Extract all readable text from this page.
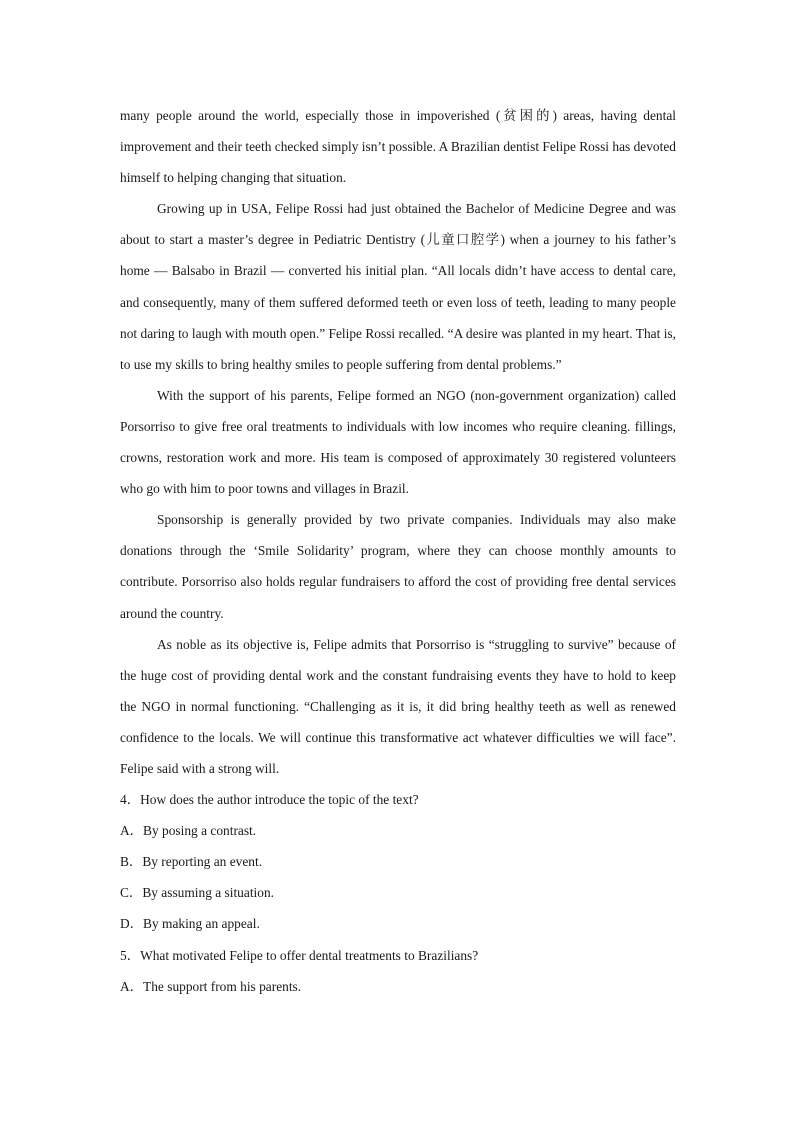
many people around the world, especially those in impoverished (贫困的) areas, having dental improvement and their teeth checked simply isn’t possible. A Brazilian dentist Felipe Rossi has devoted himself to helping changing that situation.

Growing up in USA, Felipe Rossi had just obtained the Bachelor of Medicine Degree and was about to start a master’s degree in Pediatric Dentistry (儿童口腔学) when a journey to his father’s home — Balsabo in Brazil — converted his initial plan. “All locals didn’t have access to dental care, and consequently, many of them suffered deformed teeth or even loss of teeth, leading to many people not daring to laugh with mouth open.” Felipe Rossi recalled. “A desire was planted in my heart. That is, to use my skills to bring healthy smiles to people suffering from dental problems.”

With the support of his parents, Felipe formed an NGO (non-government organization) called Porsorriso to give free oral treatments to individuals with low incomes who require cleaning. fillings, crowns, restoration work and more. His team is composed of approximately 30 registered volunteers who go with him to poor towns and villages in Brazil.

Sponsorship is generally provided by two private companies. Individuals may also make donations through the ‘Smile Solidarity’ program, where they can choose monthly amounts to contribute. Porsorriso also holds regular fundraisers to afford the cost of providing free dental services around the country.

As noble as its objective is, Felipe admits that Porsorriso is “struggling to survive” because of the huge cost of providing dental work and the constant fundraising events they have to hold to keep the NGO in normal functioning. “Challenging as it is, it did bring healthy teeth as well as renewed confidence to the locals. We will continue this transformative act whatever difficulties we will face”. Felipe said with a strong will.

4．How does the author introduce the topic of the text?

A．By posing a contrast.

B．By reporting an event.

C．By assuming a situation.

D．By making an appeal.

5．What motivated Felipe to offer dental treatments to Brazilians?

A．The support from his parents.
